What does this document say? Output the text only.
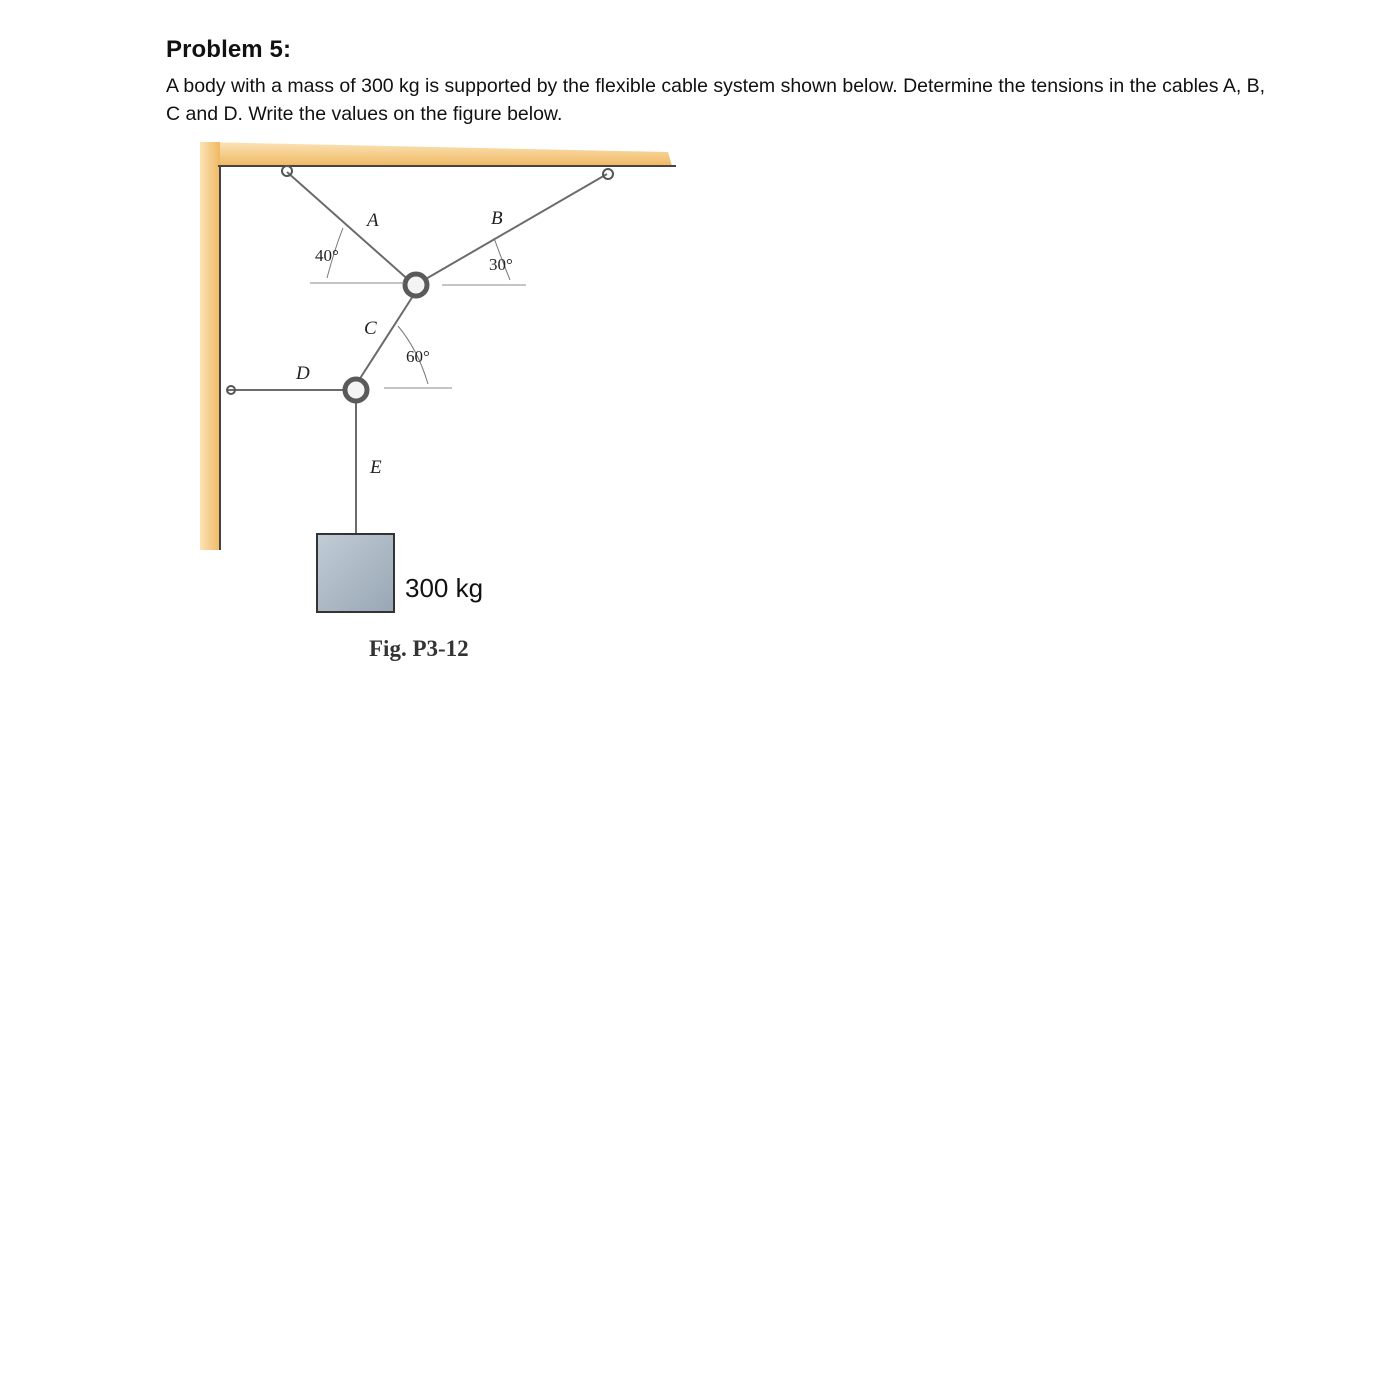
Problem 5:

A body with a mass of 300 kg is supported by the flexible cable system shown below. Determine the tensions in the cables A, B, C and D. Write the values on the figure below.

A	B
C
D
E
40°	30°
60°
300 kg
Fig. P3-12
